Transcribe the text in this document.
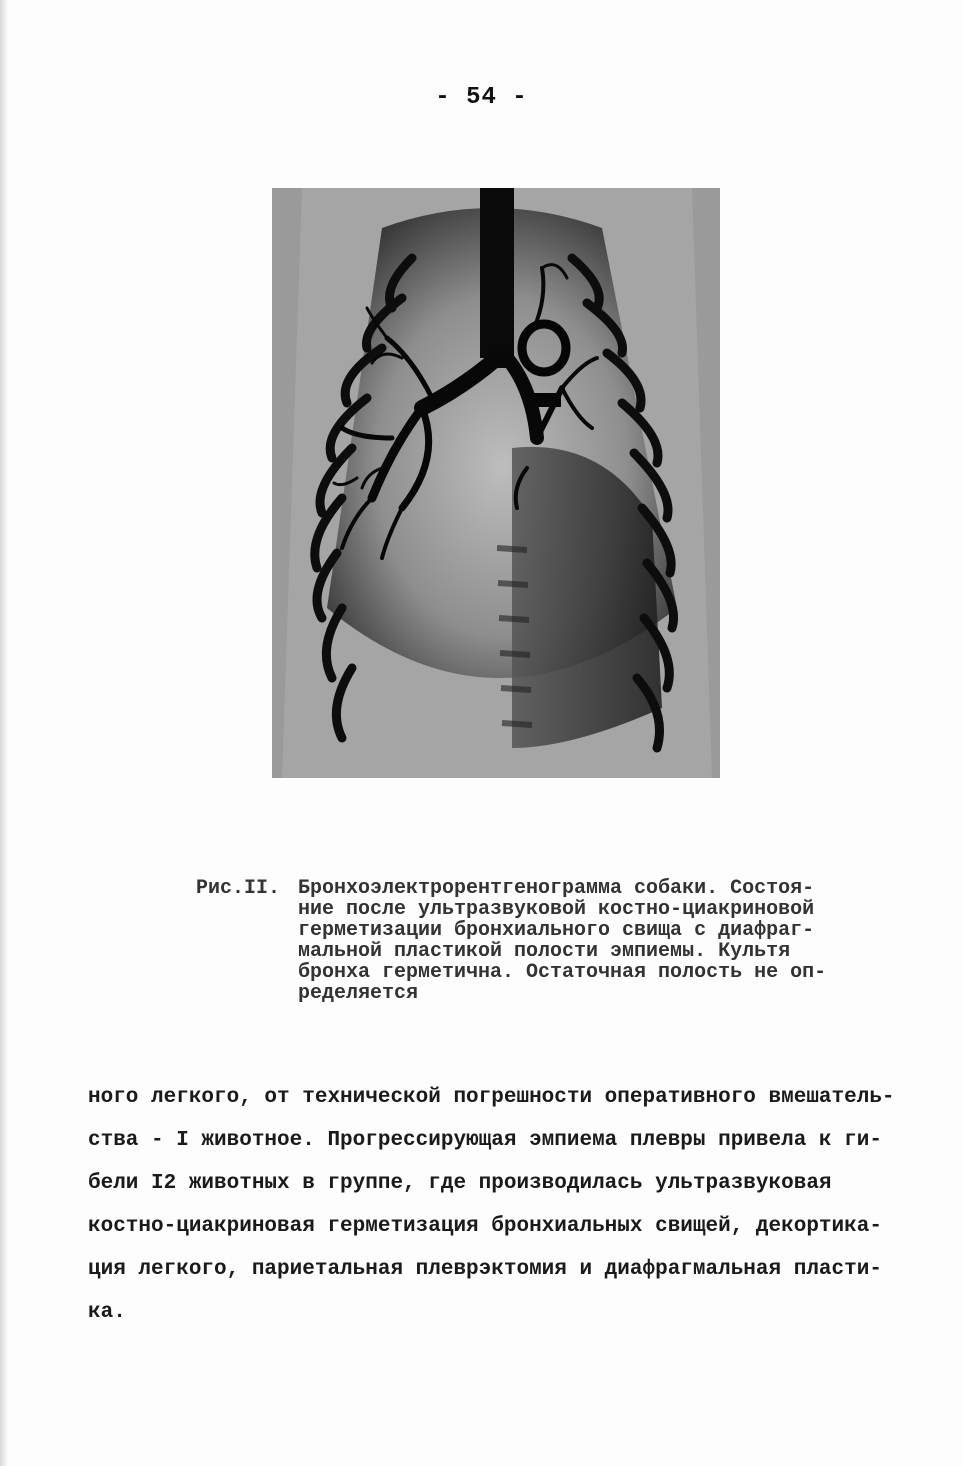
- 54 -
Рис.II. Бронхоэлектрорентгенограмма собаки. Состоя-
ние после ультразвуковой костно-циакриновой
герметизации бронхиального свища с диафраг-
мальной пластикой полости эмпиемы. Культя
бронха герметична. Остаточная полость не оп-
ределяется
ного легкого, от технической погрешности оперативного вмешатель-
ства - I животное. Прогрессирующая эмпиема плевры привела к ги-
бели I2 животных в группе, где производилась ультразвуковая
костно-циакриновая герметизация бронхиальных свищей, декортика-
ция легкого, париетальная плеврэктомия и диафрагмальная пласти-
ка.
